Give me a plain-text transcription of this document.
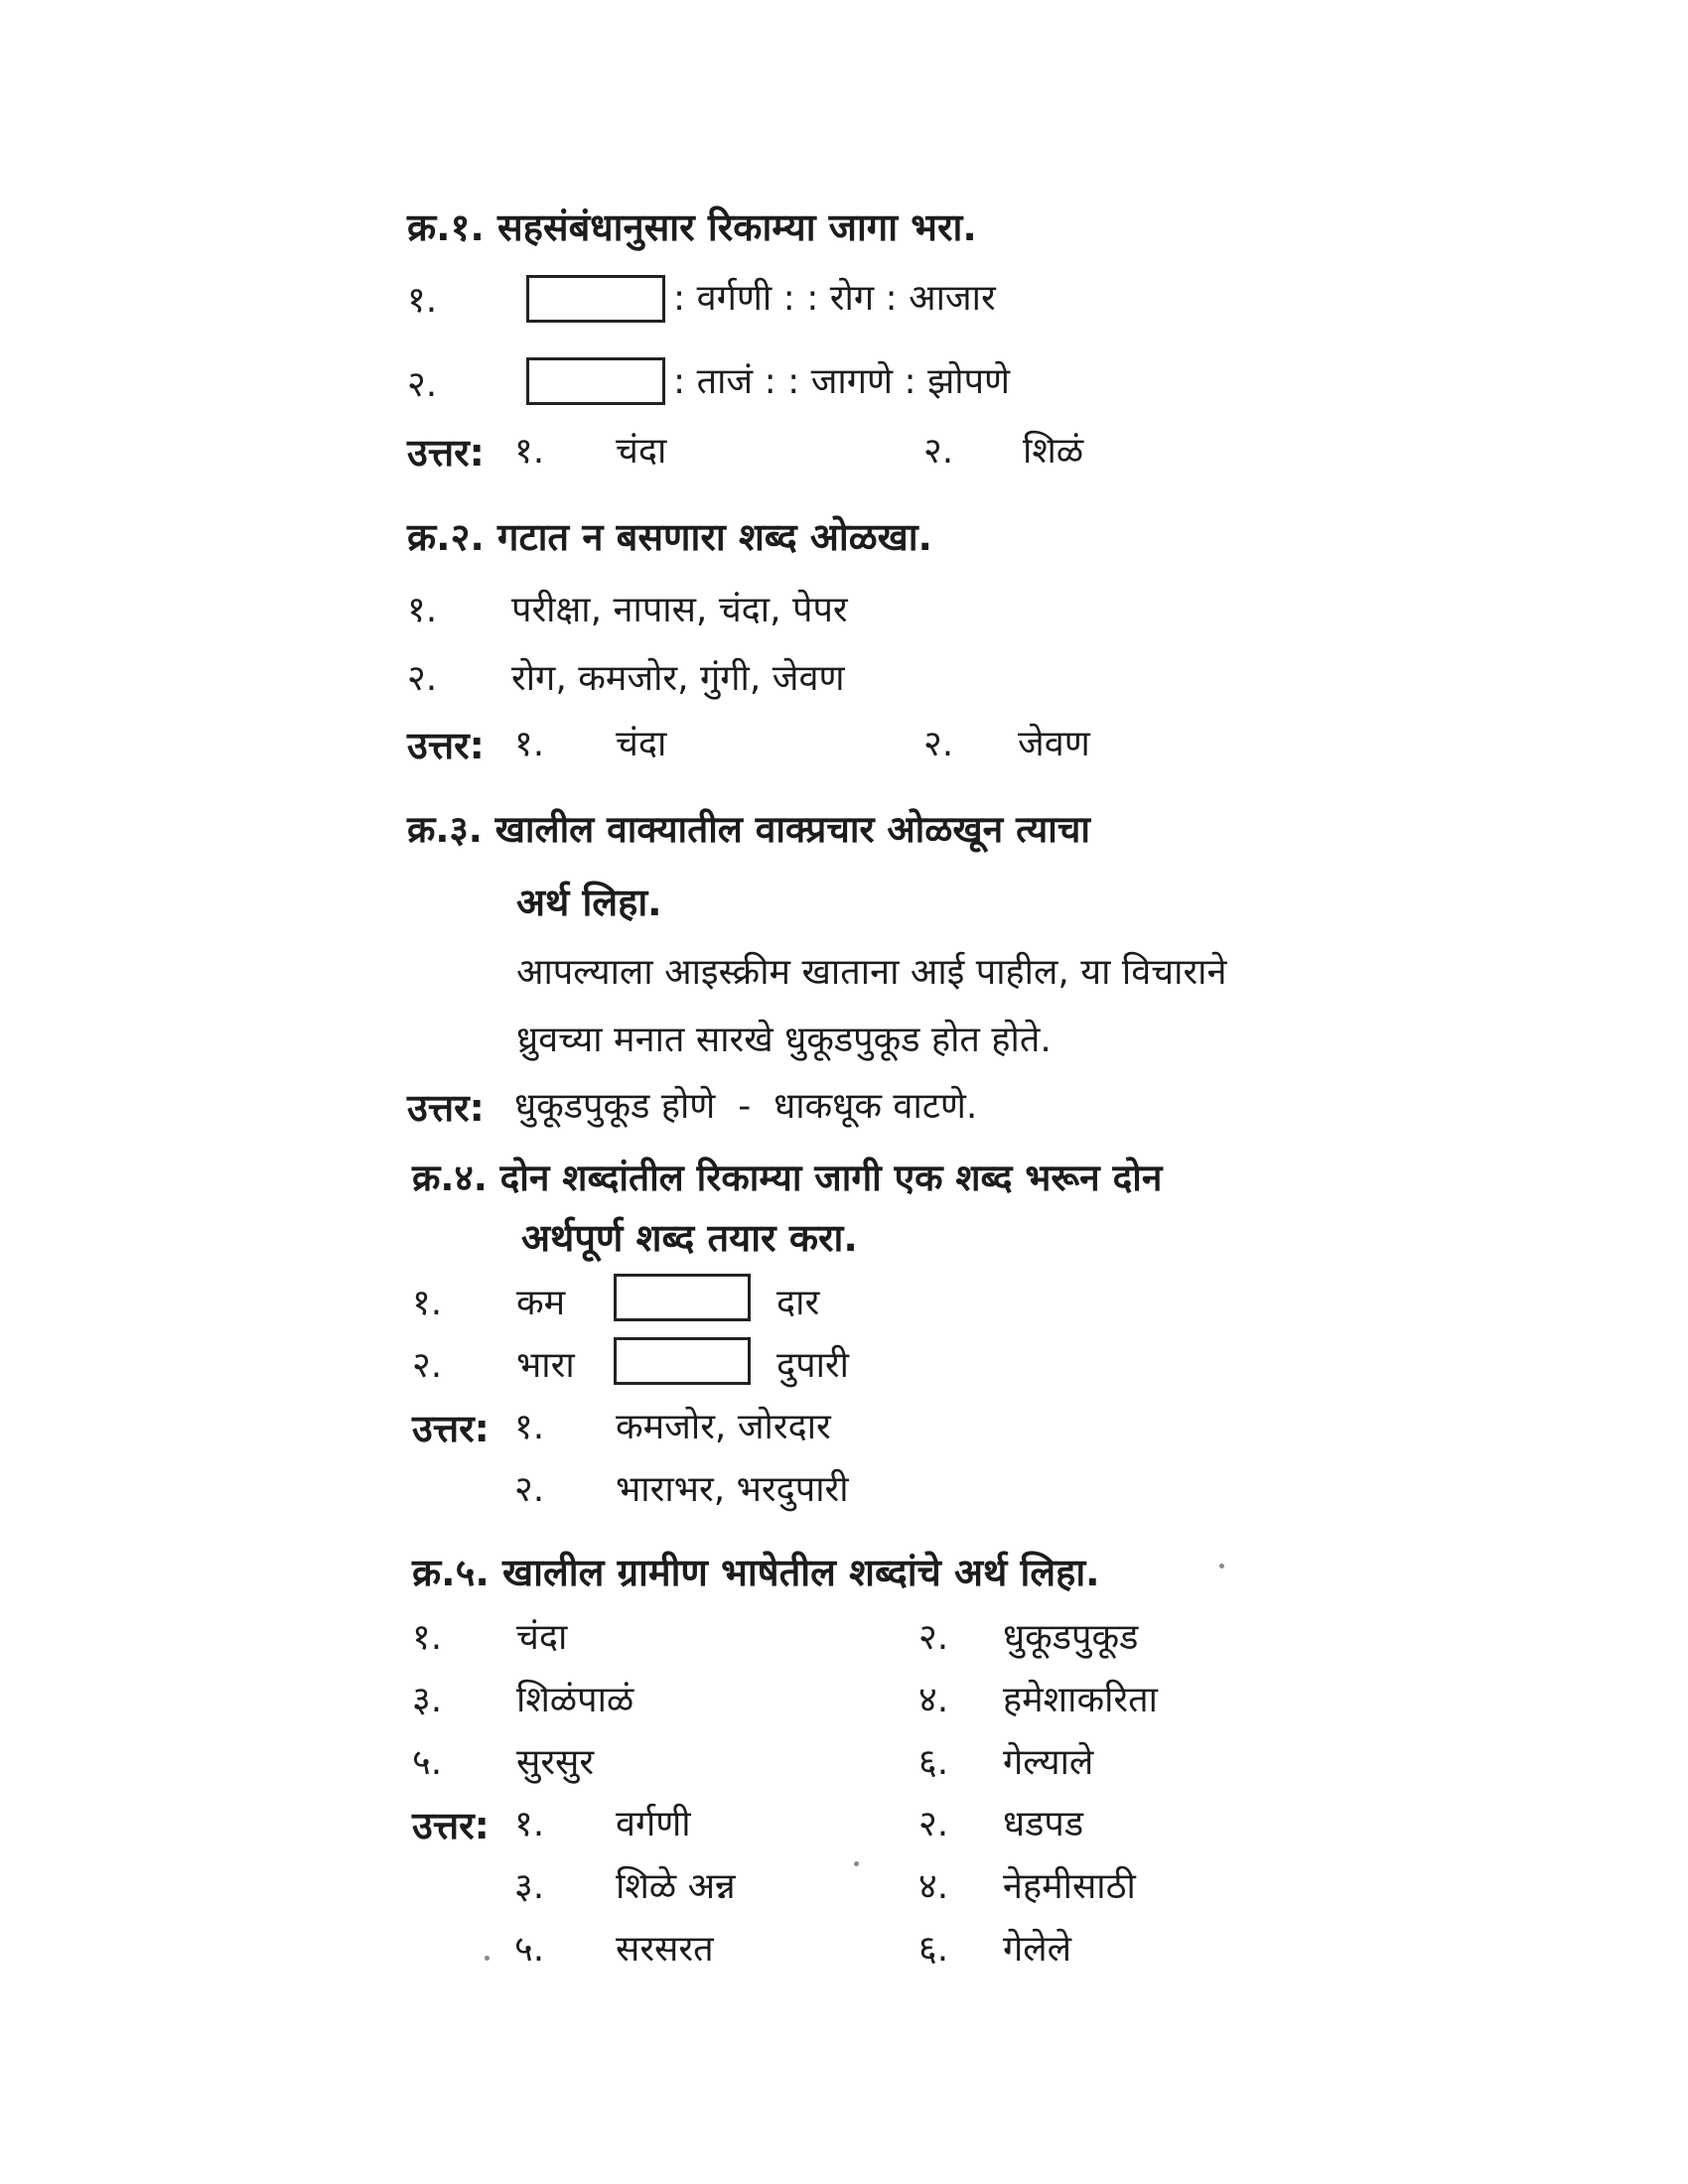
क्र.१. सहसंबंधानुसार रिकाम्या जागा भरा.
१.	: वर्गणी : : रोग : आजार
२.	: ताजं : : जागणे : झोपणे
उत्तर: १. चंदा	२. शिळं
क्र.२. गटात न बसणारा शब्द ओळखा.
१. परीक्षा, नापास, चंदा, पेपर
२. रोग, कमजोर, गुंगी, जेवण
उत्तर: १. चंदा	२. जेवण
क्र.३. खालील वाक्यातील वाक्प्रचार ओळखून त्याचा
अर्थ लिहा.
आपल्याला आइस्क्रीम खाताना आई पाहील, या विचाराने
ध्रुवच्या मनात सारखे धुकूडपुकूड होत होते.
उत्तर: धुकूडपुकूड होणे  -  धाकधूक वाटणे.
क्र.४. दोन शब्दांतील रिकाम्या जागी एक शब्द भरून दोन
अर्थपूर्ण शब्द तयार करा.
१. कम	दार
२. भारा	दुपारी
उत्तर: १. कमजोर, जोरदार
२. भाराभर, भरदुपारी
क्र.५. खालील ग्रामीण भाषेतील शब्दांचे अर्थ लिहा.
१. चंदा	२. धुकूडपुकूड
३. शिळंपाळं	४. हमेशाकरिता
५. सुरसुर	६. गेल्याले
उत्तर: १. वर्गणी	२. धडपड
३. शिळे अन्न	४. नेहमीसाठी
५. सरसरत	६. गेलेले
